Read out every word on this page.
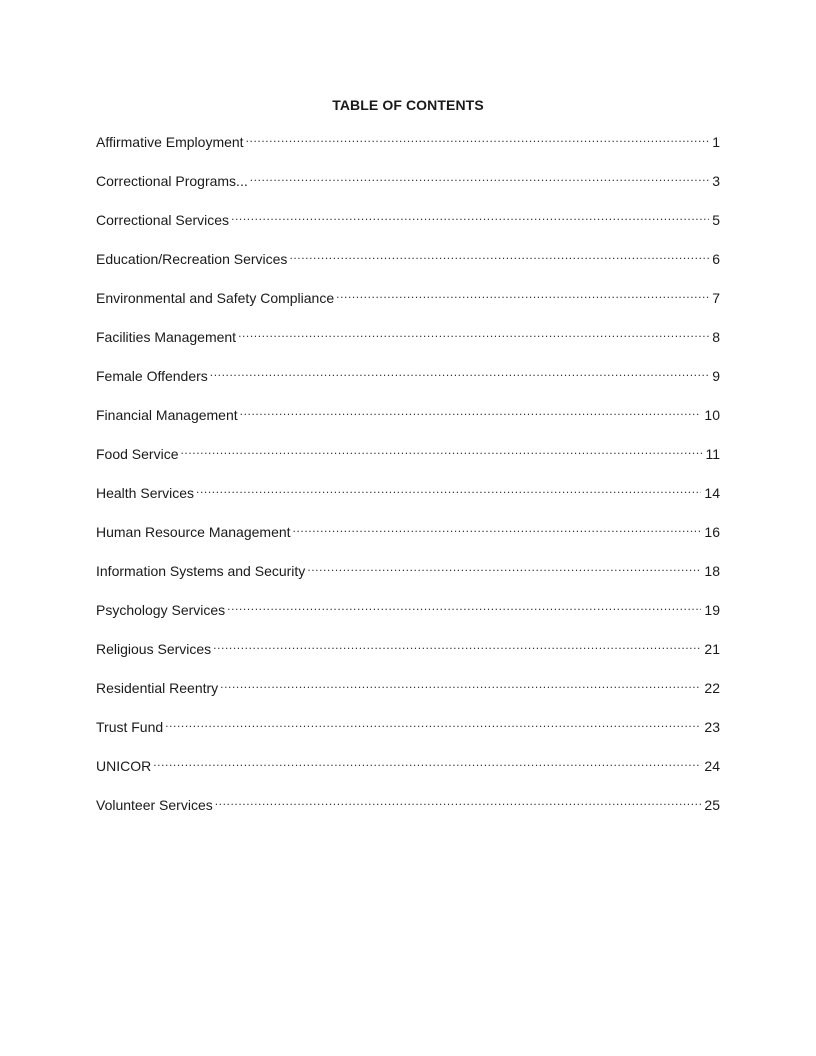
TABLE OF CONTENTS
Affirmative Employment .....	1
Correctional Programs... .....	3
Correctional Services .....	5
Education/Recreation Services .....	6
Environmental and Safety Compliance .....	7
Facilities Management .....	8
Female Offenders .....	9
Financial Management .....	10
Food Service .....	11
Health Services .....	14
Human Resource Management .....	16
Information Systems and Security .....	18
Psychology Services .....	19
Religious Services .....	21
Residential Reentry .....	22
Trust Fund .....	23
UNICOR .....	24
Volunteer Services .....	25
